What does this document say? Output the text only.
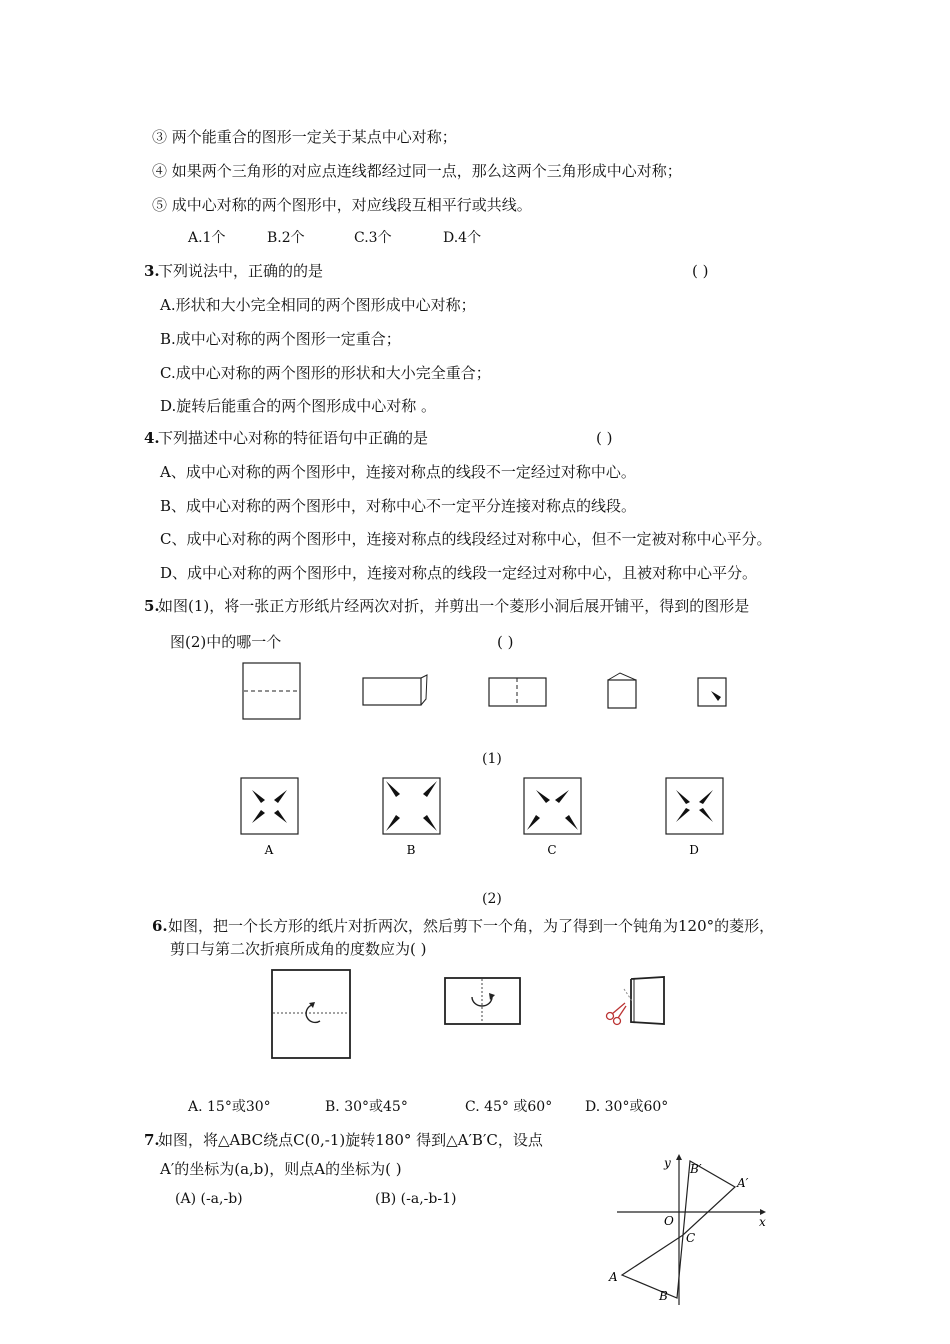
③ 两个能重合的图形一定关于某点中心对称；
④ 如果两个三角形的对应点连线都经过同一点，那么这两个三角形成中心对称；
⑤ 成中心对称的两个图形中，对应线段互相平行或共线。
A.1个	B.2个	C.3个	D.4个
3.
下列说法中，正确的的是	( )
A.形状和大小完全相同的两个图形成中心对称；
B.成中心对称的两个图形一定重合；
C.成中心对称的两个图形的形状和大小完全重合；
D.旋转后能重合的两个图形成中心对称 。
4.
下列描述中心对称的特征语句中正确的是	( )
A、成中心对称的两个图形中，连接对称点的线段不一定经过对称中心。
B、成中心对称的两个图形中，对称中心不一定平分连接对称点的线段。
C、成中心对称的两个图形中，连接对称点的线段经过对称中心，但不一定被对称中心平分。
D、成中心对称的两个图形中，连接对称点的线段一定经过对称中心，且被对称中心平分。
5.
如图(1)，将一张正方形纸片经两次对折，并剪出一个菱形小洞后展开铺平，得到的图形是
图(2)中的哪一个	( )
(1)
A	B	C	D
(2)
6. 如图，把一个长方形的纸片对折两次，然后剪下一个角，为了得到一个钝角为120°的菱形，
剪口与第二次折痕所成角的度数应为( )
A. 15°或30°	B. 30°或45°	C. 45° 或60° D. 30°或60°
7.
如图，将△ABC绕点C(0,-1)旋转180° 得到△A′B′C，设点
A′的坐标为(a,b)，则点A的坐标为( )
(A) (-a,-b)	(B) (-a,-b-1)
y
x
O
C
A
B
A′
B′
